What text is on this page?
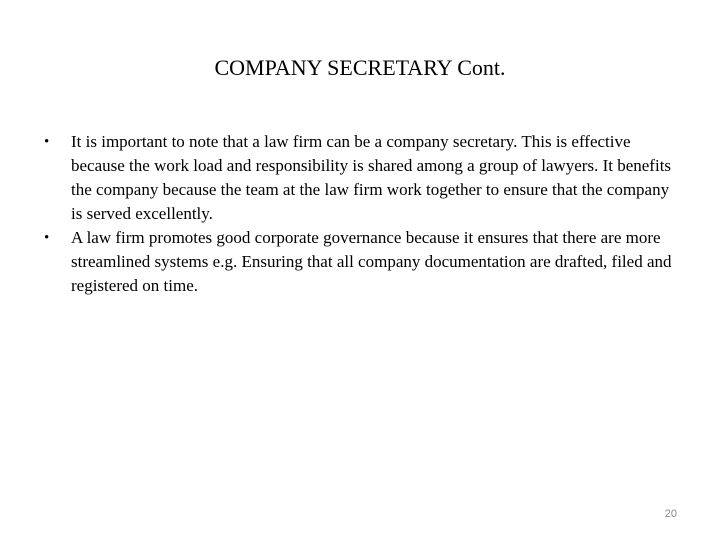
COMPANY SECRETARY Cont.
• It is important to note that a law firm can be a company secretary. This is effective because the work load and responsibility is shared among a group of lawyers. It benefits the company because the team at the law firm work together to ensure that the company is served excellently.
• A law firm promotes good corporate governance because it ensures that there are more streamlined systems e.g. Ensuring that all company documentation are drafted, filed and registered on time.
20
